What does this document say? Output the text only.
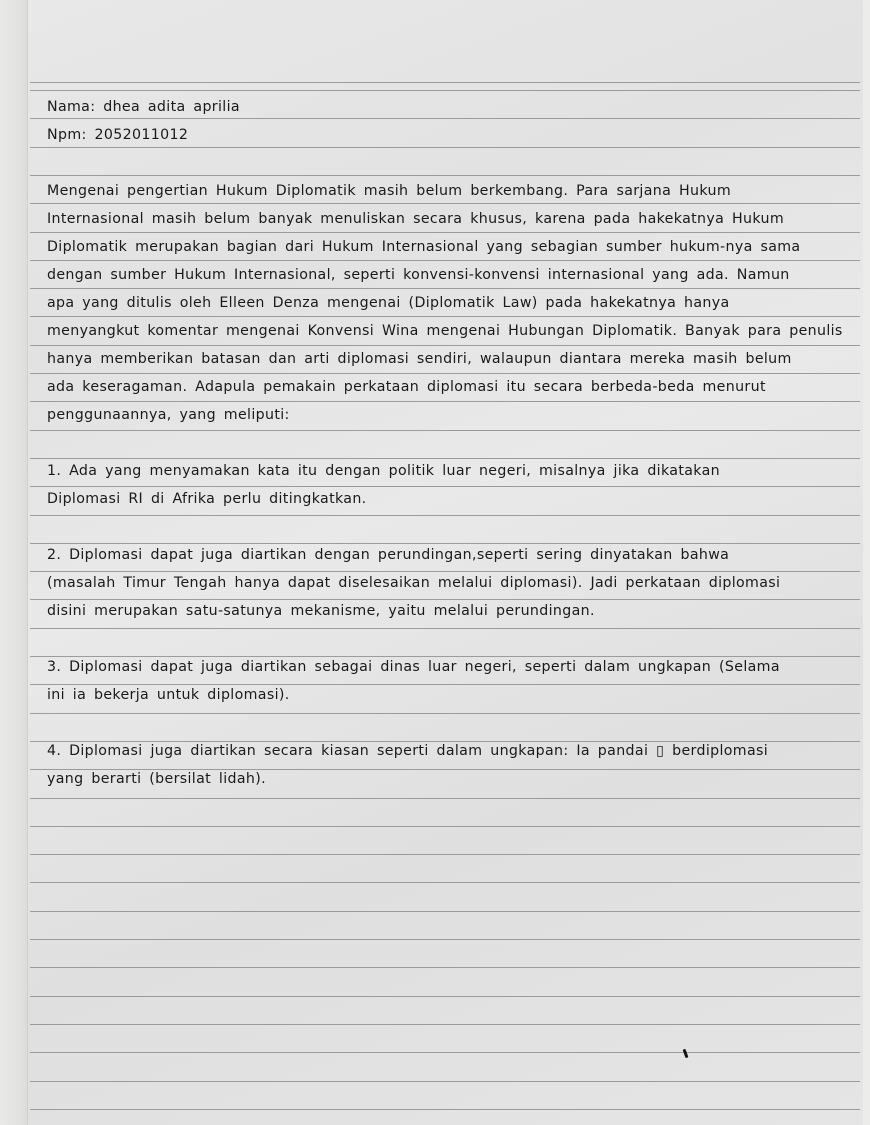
Nama: dhea adita aprilia
Npm: 2052011012
Mengenai pengertian Hukum Diplomatik masih belum berkembang. Para sarjana Hukum
Internasional masih belum banyak menuliskan secara khusus, karena pada hakekatnya Hukum
Diplomatik merupakan bagian dari Hukum Internasional yang sebagian sumber hukum-nya sama
dengan sumber Hukum Internasional, seperti konvensi-konvensi internasional yang ada. Namun
apa yang ditulis oleh Elleen Denza mengenai (Diplomatik Law) pada hakekatnya hanya
menyangkut komentar mengenai Konvensi Wina mengenai Hubungan Diplomatik. Banyak para penulis
hanya memberikan batasan dan arti diplomasi sendiri, walaupun diantara mereka masih belum
ada keseragaman. Adapula pemakain perkataan diplomasi itu secara berbeda-beda menurut
penggunaannya, yang meliputi:
1. Ada yang menyamakan kata itu dengan politik luar negeri, misalnya jika dikatakan
Diplomasi RI di Afrika perlu ditingkatkan.
2. Diplomasi dapat juga diartikan dengan perundingan,seperti sering dinyatakan bahwa
(masalah Timur Tengah hanya dapat diselesaikan melalui diplomasi). Jadi perkataan diplomasi
disini merupakan satu-satunya mekanisme, yaitu melalui perundingan.
3. Diplomasi dapat juga diartikan sebagai dinas luar negeri, seperti dalam ungkapan (Selama
ini ia bekerja untuk diplomasi).
4. Diplomasi juga diartikan secara kiasan seperti dalam ungkapan: Ia pandai ▯ berdiplomasi
yang berarti (bersilat lidah).
